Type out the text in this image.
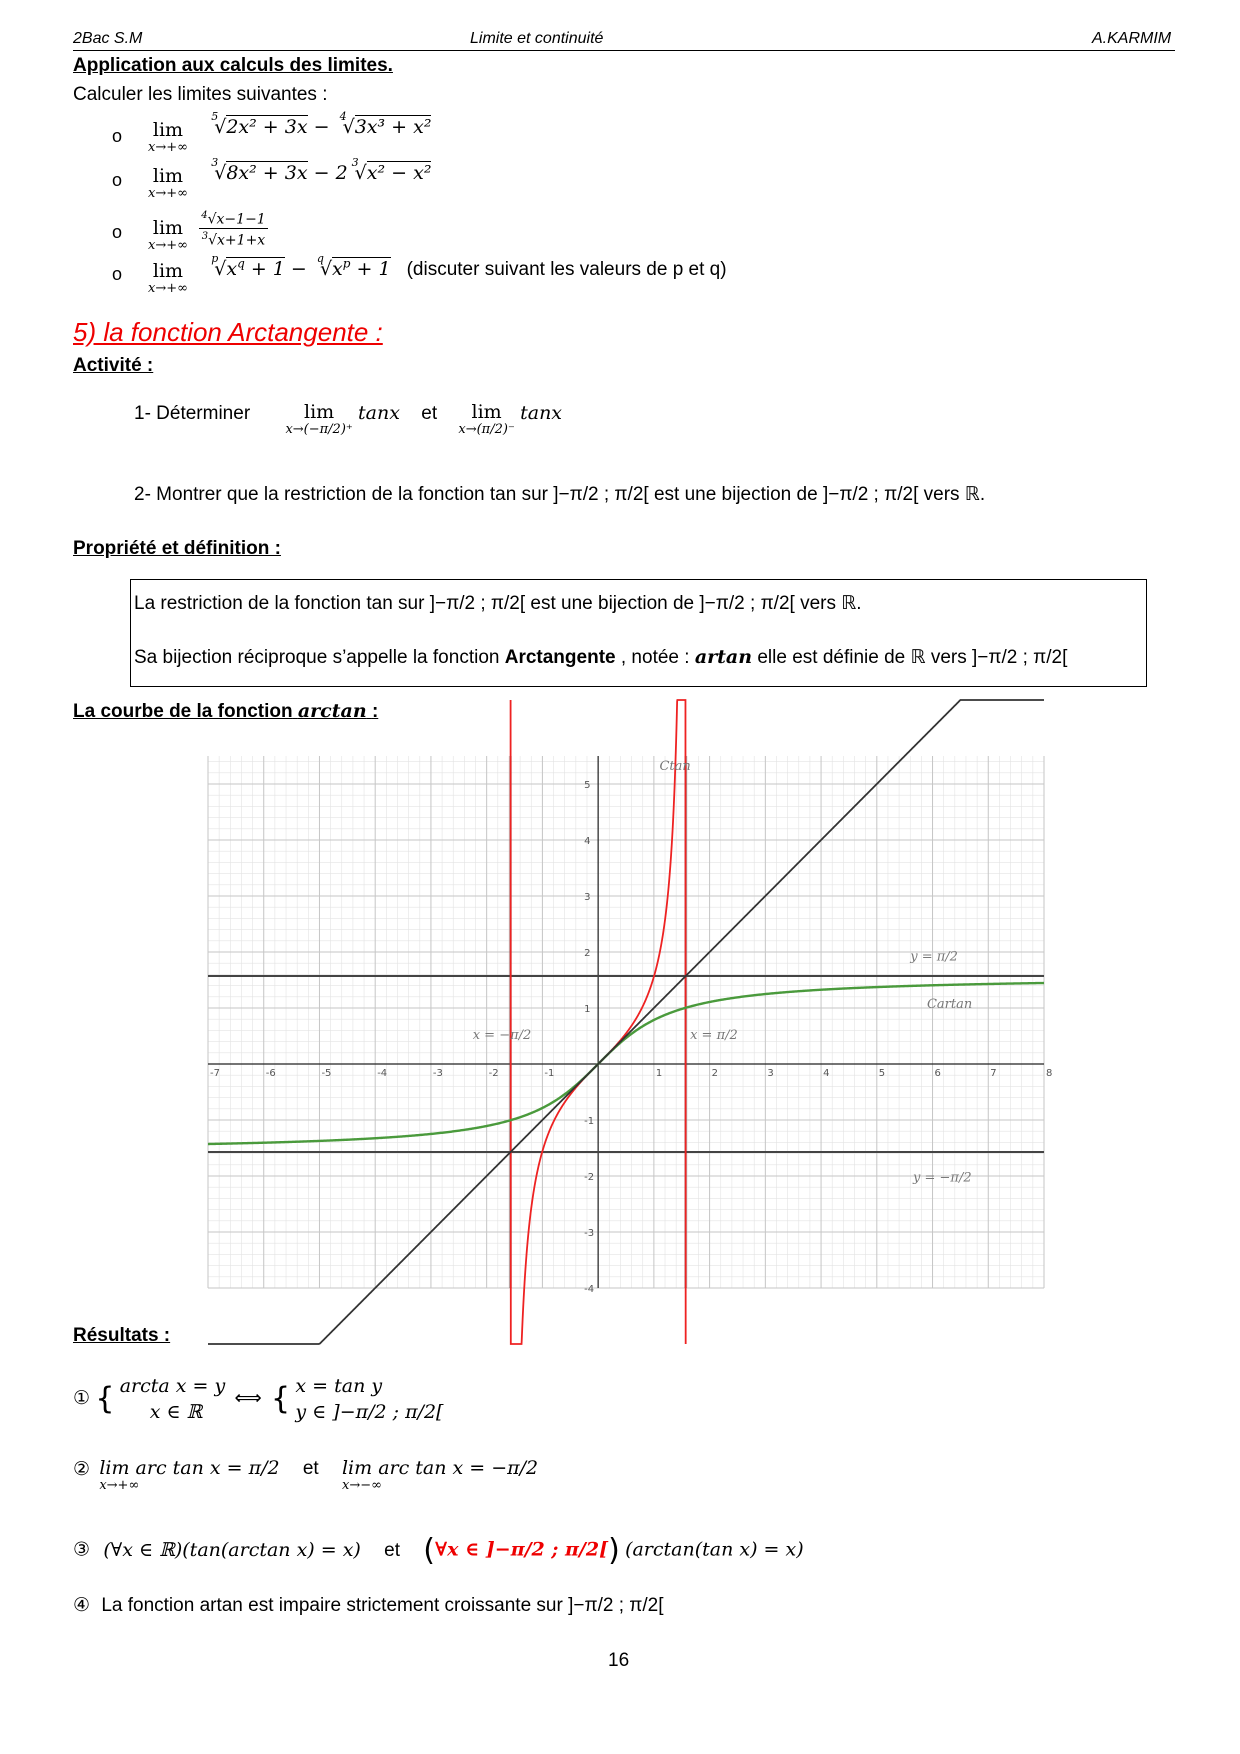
2Bac S.M	Limite et continuité	A.KARMIM
Application aux calculs des limites.
Calculer les limites suivantes :
o lim
x→+∞
$^5$√2𝑥² + 3𝑥 − $^4$√3𝑥³ + 𝑥²
o lim
x→+∞
$^3$√8𝑥² + 3𝑥 − 2 $^3$√𝑥² − 𝑥²
o lim
x→+∞
$\frac{^4√𝑥-1-1}{^3√𝑥+1+𝑥}$
o lim
x→+∞
$^p$√𝑥$^𝑞$ + 1 − $^q$√𝑥$^𝑝$ + 1 (discuter suivant les valeurs de p et q)
5) la fonction Arctangente :
Activité :
1- Déterminer	lim
x→(−π/2)⁺
tanx et lim
x→(π/2)⁻
tanx
2- Montrer que la restriction de la fonction tan sur ]−π/2 ; π/2[ est une bijection de ]−π/2 ; π/2[ vers ℝ.
Propriété et définition :
La restriction de la fonction tan sur ]−π/2 ; π/2[ est une bijection de ]−π/2 ; π/2[ vers ℝ.
Sa bijection réciproque s’appelle la fonction Arctangente , notée : artan elle est définie de ℝ vers ]−π/2 ; π/2[
La courbe de la fonction arctan :
-7	-6	-5	-4	-3	-2	-1	1	2	3	4	5	6	7	8
-4
-3
-2
-1
1
2
3
4
5
Ctan
Cartan
y = π/2
y = −π/2
x = π/2
x = −π/2
Résultats :
① { arcta x = y
x ∈ ℝ
⟺ { x = tan y
y ∈ ]−π/2 ; π/2[
② lim arc tan x = π/2
x→+∞
et lim arc tan x = −π/2
x→−∞
③ (∀x ∈ ℝ)(tan(arctan x) = x) et (∀x ∈ ]−π/2 ; π/2[) (arctan(tan x) = x)
④ La fonction artan est impaire strictement croissante sur ]−π/2 ; π/2[
16
